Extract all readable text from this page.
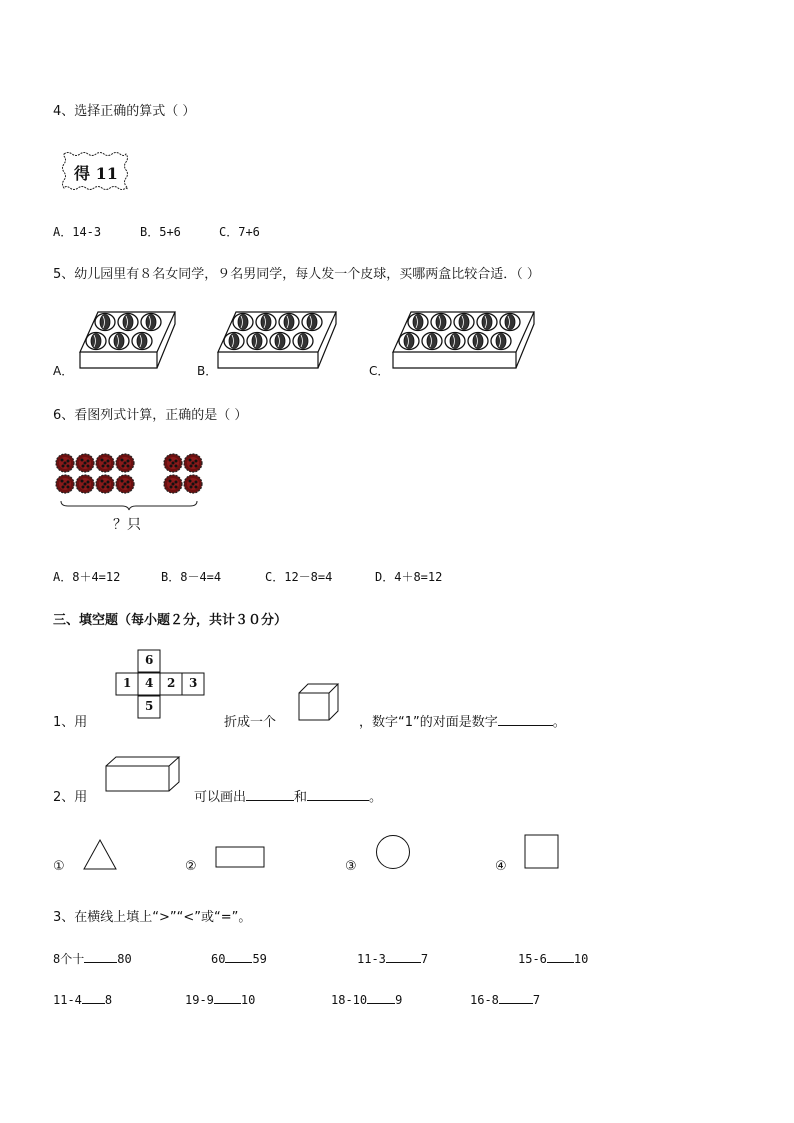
4、选择正确的算式（ ）
得 11
A．14-3	B．5+6	C．7+6
5、幼儿园里有８名女同学，９名男同学，每人发一个皮球，买哪两盒比较合适．（ ）
A．	B．	C．
6、看图列式计算，正确的是（ ）
？只
A．8＋4=12	B．8－4=4	C．12－8=4	D．4＋8=12
三、填空题（每小题２分，共计３０分）
1、用
6
1 4 2 3
5
折成一个	，数字“1”的对面是数字	。
2、用	可以画出	和	。
①	②	③	④
3、在横线上填上“>”“<”或“=”。
8个十	80	60 59	11-3	7	15-6 10
11-4 8	19-9 10	18-10 9	16-8	7
